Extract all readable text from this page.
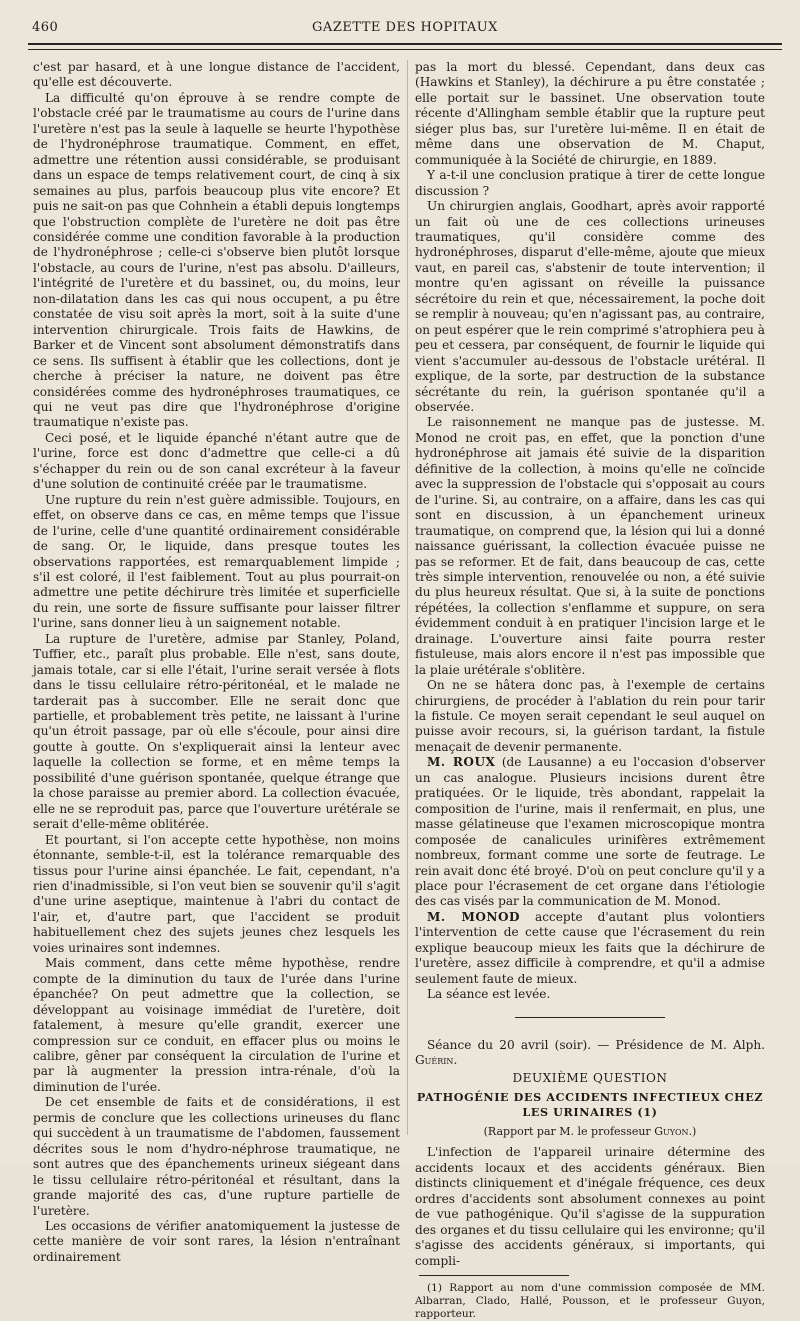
460	GAZETTE DES HOPITAUX

c'est par hasard, et à une longue distance de l'accident, qu'elle est découverte.

La difficulté qu'on éprouve à se rendre compte de l'obstacle créé par le traumatisme au cours de l'urine dans l'uretère n'est pas la seule à laquelle se heurte l'hypothèse de l'hydronéphrose traumatique. Comment, en effet, admettre une rétention aussi considérable, se produisant dans un espace de temps relativement court, de cinq à six semaines au plus, parfois beaucoup plus vite encore? Et puis ne sait-on pas que Cohnhein a établi depuis longtemps que l'obstruction complète de l'uretère ne doit pas être considérée comme une condition favorable à la production de l'hydronéphrose ; celle-ci s'observe bien plutôt lorsque l'obstacle, au cours de l'urine, n'est pas absolu. D'ailleurs, l'intégrité de l'uretère et du bassinet, ou, du moins, leur non-dilatation dans les cas qui nous occupent, a pu être constatée de visu soit après la mort, soit à la suite d'une intervention chirurgicale. Trois faits de Hawkins, de Barker et de Vincent sont absolument démonstratifs dans ce sens. Ils suffisent à établir que les collections, dont je cherche à préciser la nature, ne doivent pas être considérées comme des hydronéphroses traumatiques, ce qui ne veut pas dire que l'hydronéphrose d'origine traumatique n'existe pas.

Ceci posé, et le liquide épanché n'étant autre que de l'urine, force est donc d'admettre que celle-ci a dû s'échapper du rein ou de son canal excréteur à la faveur d'une solution de continuité créée par le traumatisme.

Une rupture du rein n'est guère admissible. Toujours, en effet, on observe dans ce cas, en même temps que l'issue de l'urine, celle d'une quantité ordinairement considérable de sang. Or, le liquide, dans presque toutes les observations rapportées, est remarquablement limpide ; s'il est coloré, il l'est faiblement. Tout au plus pourrait-on admettre une petite déchirure très limitée et superficielle du rein, une sorte de fissure suffisante pour laisser filtrer l'urine, sans donner lieu à un saignement notable.

La rupture de l'uretère, admise par Stanley, Poland, Tuffier, etc., paraît plus probable. Elle n'est, sans doute, jamais totale, car si elle l'était, l'urine serait versée à flots dans le tissu cellulaire rétro-péritonéal, et le malade ne tarderait pas à succomber. Elle ne serait donc que partielle, et probablement très petite, ne laissant à l'urine qu'un étroit passage, par où elle s'écoule, pour ainsi dire goutte à goutte. On s'expliquerait ainsi la lenteur avec laquelle la collection se forme, et en même temps la possibilité d'une guérison spontanée, quelque étrange que la chose paraisse au premier abord. La collection évacuée, elle ne se reproduit pas, parce que l'ouverture urétérale se serait d'elle-même oblitérée.

Et pourtant, si l'on accepte cette hypothèse, non moins étonnante, semble-t-il, est la tolérance remarquable des tissus pour l'urine ainsi épanchée. Le fait, cependant, n'a rien d'inadmissible, si l'on veut bien se souvenir qu'il s'agit d'une urine aseptique, maintenue à l'abri du contact de l'air, et, d'autre part, que l'accident se produit habituellement chez des sujets jeunes chez lesquels les voies urinaires sont indemnes.

Mais comment, dans cette même hypothèse, rendre compte de la diminution du taux de l'urée dans l'urine épanchée? On peut admettre que la collection, se développant au voisinage immédiat de l'uretère, doit fatalement, à mesure qu'elle grandit, exercer une compression sur ce conduit, en effacer plus ou moins le calibre, gêner par conséquent la circulation de l'urine et par là augmenter la pression intra-rénale, d'où la diminution de l'urée.

De cet ensemble de faits et de considérations, il est permis de conclure que les collections urineuses du flanc qui succèdent à un traumatisme de l'abdomen, faussement décrites sous le nom d'hydro-néphrose traumatique, ne sont autres que des épanchements urineux siégeant dans le tissu cellulaire rétro-péritonéal et résultant, dans la grande majorité des cas, d'une rupture partielle de l'uretère.

Les occasions de vérifier anatomiquement la justesse de cette manière de voir sont rares, la lésion n'entraînant ordinairement

pas la mort du blessé. Cependant, dans deux cas (Hawkins et Stanley), la déchirure a pu être constatée ; elle portait sur le bassinet. Une observation toute récente d'Allingham semble établir que la rupture peut siéger plus bas, sur l'uretère lui-même. Il en était de même dans une observation de M. Chaput, communiquée à la Société de chirurgie, en 1889.

Y a-t-il une conclusion pratique à tirer de cette longue discussion ?

Un chirurgien anglais, Goodhart, après avoir rapporté un fait où une de ces collections urineuses traumatiques, qu'il considère comme des hydronéphroses, disparut d'elle-même, ajoute que mieux vaut, en pareil cas, s'abstenir de toute intervention; il montre qu'en agissant on réveille la puissance sécrétoire du rein et que, nécessairement, la poche doit se remplir à nouveau; qu'en n'agissant pas, au contraire, on peut espérer que le rein comprimé s'atrophiera peu à peu et cessera, par conséquent, de fournir le liquide qui vient s'accumuler au-dessous de l'obstacle urétéral. Il explique, de la sorte, par destruction de la substance sécrétante du rein, la guérison spontanée qu'il a observée.

Le raisonnement ne manque pas de justesse. M. Monod ne croit pas, en effet, que la ponction d'une hydronéphrose ait jamais été suivie de la disparition définitive de la collection, à moins qu'elle ne coïncide avec la suppression de l'obstacle qui s'opposait au cours de l'urine. Si, au contraire, on a affaire, dans les cas qui sont en discussion, à un épanchement urineux traumatique, on comprend que, la lésion qui lui a donné naissance guérissant, la collection évacuée puisse ne pas se reformer. Et de fait, dans beaucoup de cas, cette très simple intervention, renouvelée ou non, a été suivie du plus heureux résultat. Que si, à la suite de ponctions répétées, la collection s'enflamme et suppure, on sera évidemment conduit à en pratiquer l'incision large et le drainage. L'ouverture ainsi faite pourra rester fistuleuse, mais alors encore il n'est pas impossible que la plaie urétérale s'oblitère.

On ne se hâtera donc pas, à l'exemple de certains chirurgiens, de procéder à l'ablation du rein pour tarir la fistule. Ce moyen serait cependant le seul auquel on puisse avoir recours, si, la guérison tardant, la fistule menaçait de devenir permanente.

M. ROUX (de Lausanne) a eu l'occasion d'observer un cas analogue. Plusieurs incisions durent être pratiquées. Or le liquide, très abondant, rappelait la composition de l'urine, mais il renfermait, en plus, une masse gélatineuse que l'examen microscopique montra composée de canalicules urinifères extrêmement nombreux, formant comme une sorte de feutrage. Le rein avait donc été broyé. D'où on peut conclure qu'il y a place pour l'écrasement de cet organe dans l'étiologie des cas visés par la communication de M. Monod.

M. MONOD accepte d'autant plus volontiers l'intervention de cette cause que l'écrasement du rein explique beaucoup mieux les faits que la déchirure de l'uretère, assez difficile à comprendre, et qu'il a admise seulement faute de mieux.

La séance est levée.

Séance du 20 avril (soir). — Présidence de M. Alph. Guérin.

DEUXIÈME QUESTION
PATHOGÉNIE DES ACCIDENTS INFECTIEUX CHEZ
LES URINAIRES (1)
(Rapport par M. le professeur Guyon.)

L'infection de l'appareil urinaire détermine des accidents locaux et des accidents généraux. Bien distincts cliniquement et d'inégale fréquence, ces deux ordres d'accidents sont absolument connexes au point de vue pathogénique. Qu'il s'agisse de la suppuration des organes et du tissu cellulaire qui les environne; qu'il s'agisse des accidents généraux, si importants, qui compli-

(1) Rapport au nom d'une commission composée de MM. Albarran, Clado, Hallé, Pousson, et le professeur Guyon, rapporteur.
